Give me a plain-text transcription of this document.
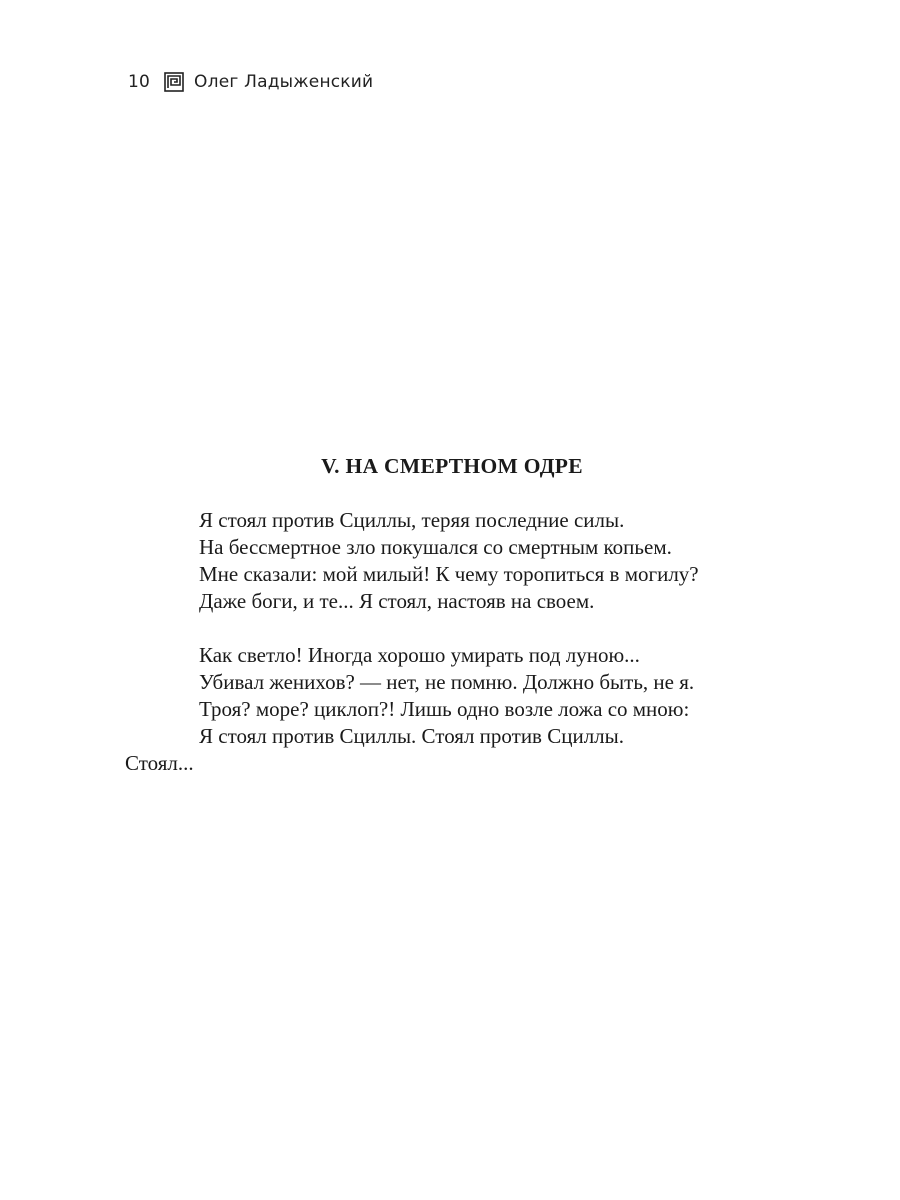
10	Олег Ладыженский
V. НА СМЕРТНОМ ОДРЕ
Я стоял против Сциллы, теряя последние силы.
На бессмертное зло покушался со смертным копьем.
Мне сказали: мой милый! К чему торопиться в могилу?
Даже боги, и те... Я стоял, настояв на своем.
Как светло! Иногда хорошо умирать под луною...
Убивал женихов? — нет, не помню. Должно быть, не я.
Троя? море? циклоп?! Лишь одно возле ложа со мною:
Я стоял против Сциллы. Стоял против Сциллы.
Стоял...
